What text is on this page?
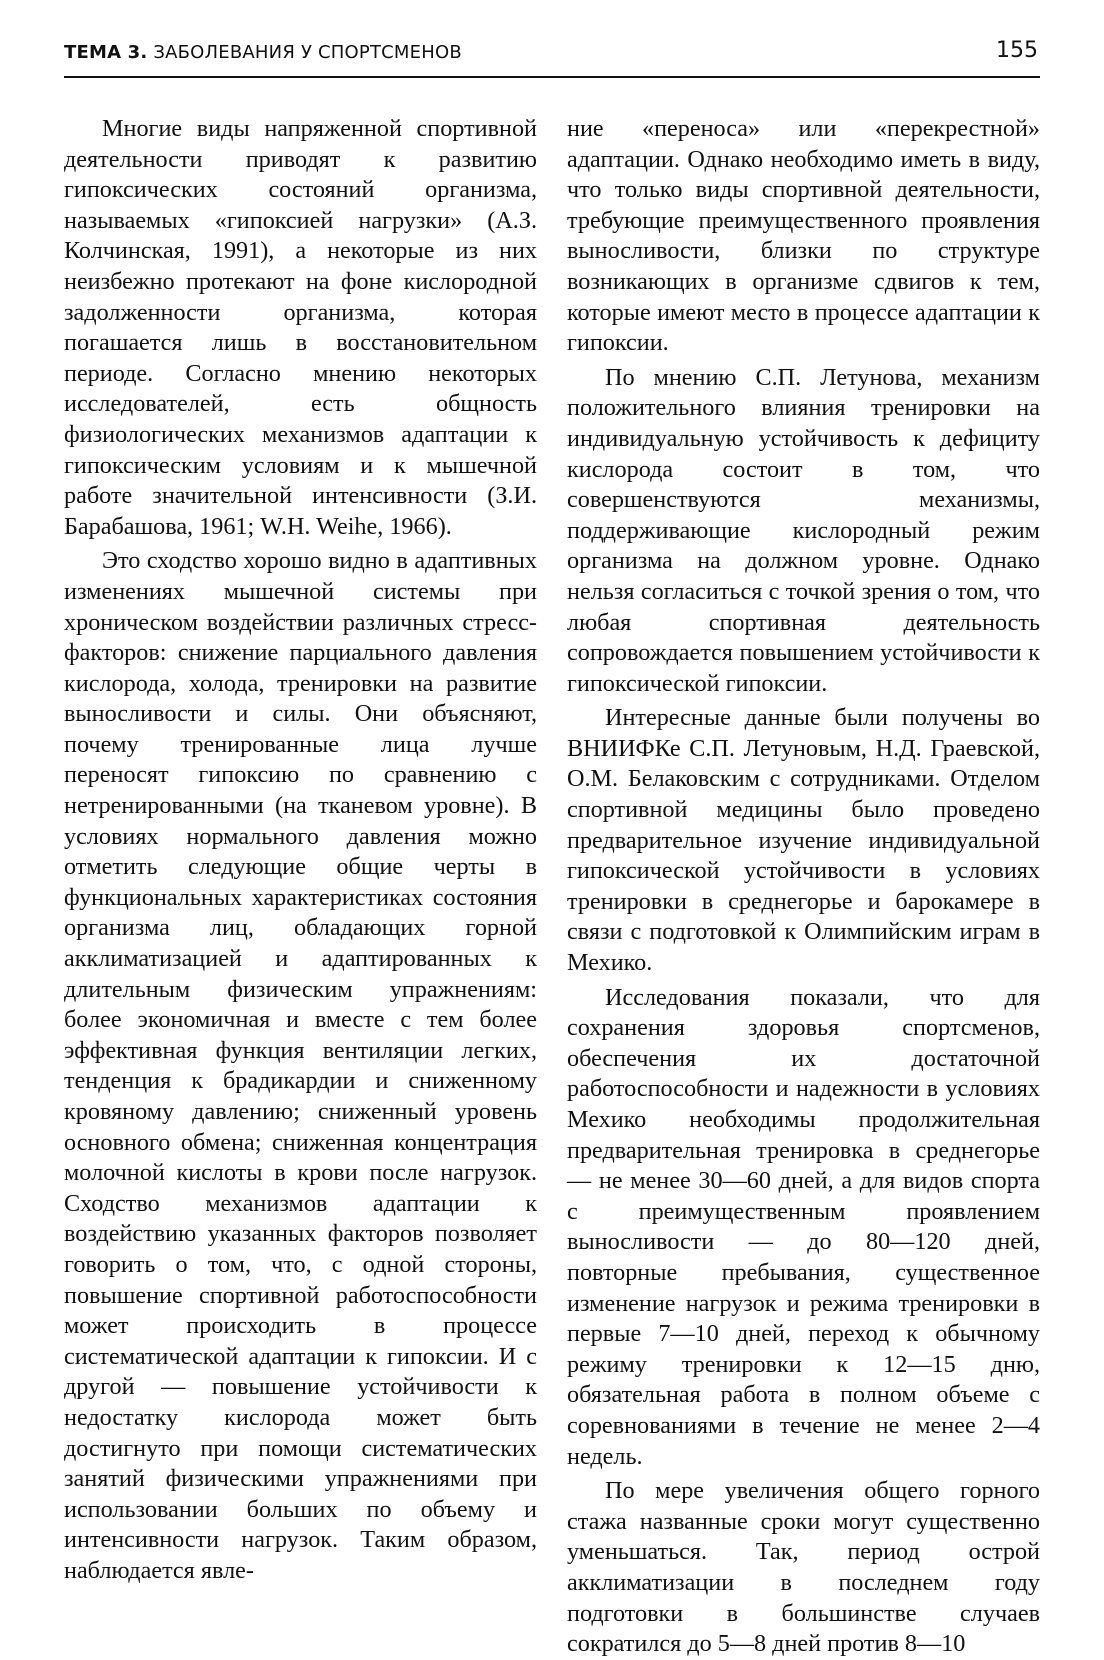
ТЕМА 3. ЗАБОЛЕВАНИЯ У СПОРТСМЕНОВ	155

Многие виды напряженной спортивной деятельности приводят к развитию гипоксических состояний организма, называемых «гипоксией нагрузки» (А.З. Колчинская, 1991), а некоторые из них неизбежно протекают на фоне кислородной задолженности организма, которая погашается лишь в восстановительном периоде. Согласно мнению некоторых исследователей, есть общность физиологических механизмов адаптации к гипоксическим условиям и к мышечной работе значительной интенсивности (З.И. Барабашова, 1961; W.H. Weihe, 1966).

Это сходство хорошо видно в адаптивных изменениях мышечной системы при хроническом воздействии различных стресс-факторов: снижение парциального давления кислорода, холода, тренировки на развитие выносливости и силы. Они объясняют, почему тренированные лица лучше переносят гипоксию по сравнению с нетренированными (на тканевом уровне). В условиях нормального давления можно отметить следующие общие черты в функциональных характеристиках состояния организма лиц, обладающих горной акклиматизацией и адаптированных к длительным физическим упражнениям: более экономичная и вместе с тем более эффективная функция вентиляции легких, тенденция к брадикардии и сниженному кровяному давлению; сниженный уровень основного обмена; сниженная концентрация молочной кислоты в крови после нагрузок. Сходство механизмов адаптации к воздействию указанных факторов позволяет говорить о том, что, с одной стороны, повышение спортивной работоспособности может происходить в процессе систематической адаптации к гипоксии. И с другой — повышение устойчивости к недостатку кислорода может быть достигнуто при помощи систематических занятий физическими упражнениями при использовании больших по объему и интенсивности нагрузок. Таким образом, наблюдается явле-

ние «переноса» или «перекрестной» адаптации. Однако необходимо иметь в виду, что только виды спортивной деятельности, требующие преимущественного проявления выносливости, близки по структуре возникающих в организме сдвигов к тем, которые имеют место в процессе адаптации к гипоксии.

По мнению С.П. Летунова, механизм положительного влияния тренировки на индивидуальную устойчивость к дефициту кислорода состоит в том, что совершенствуются механизмы, поддерживающие кислородный режим организма на должном уровне. Однако нельзя согласиться с точкой зрения о том, что любая спортивная деятельность сопровождается повышением устойчивости к гипоксической гипоксии.

Интересные данные были получены во ВНИИФКе С.П. Летуновым, Н.Д. Граевской, О.М. Белаковским с сотрудниками. Отделом спортивной медицины было проведено предварительное изучение индивидуальной гипоксической устойчивости в условиях тренировки в среднегорье и барокамере в связи с подготовкой к Олимпийским играм в Мехико.

Исследования показали, что для сохранения здоровья спортсменов, обеспечения их достаточной работоспособности и надежности в условиях Мехико необходимы продолжительная предварительная тренировка в среднегорье — не менее 30—60 дней, а для видов спорта с преимущественным проявлением выносливости — до 80—120 дней, повторные пребывания, существенное изменение нагрузок и режима тренировки в первые 7—10 дней, переход к обычному режиму тренировки к 12—15 дню, обязательная работа в полном объеме с соревнованиями в течение не менее 2—4 недель.

По мере увеличения общего горного стажа названные сроки могут существенно уменьшаться. Так, период острой акклиматизации в последнем году подготовки в большинстве случаев сократился до 5—8 дней против 8—10
